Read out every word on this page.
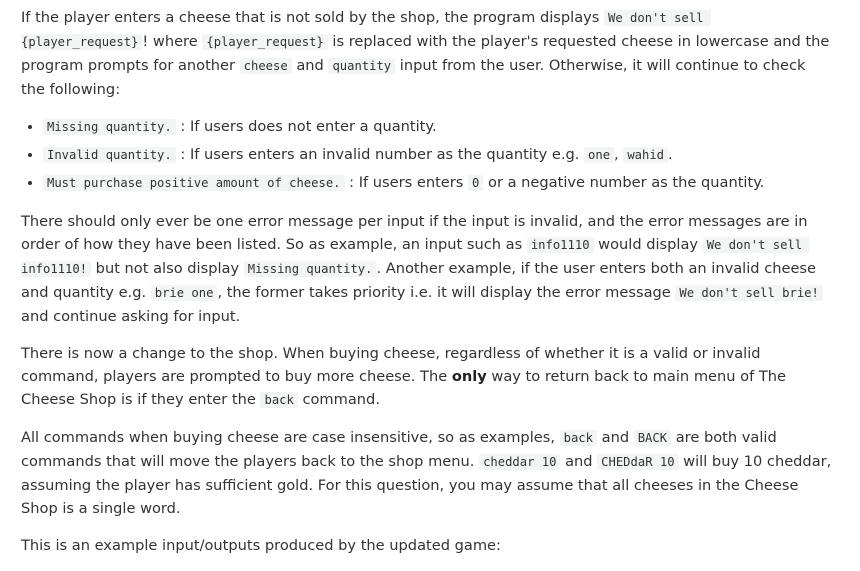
If the player enters a cheese that is not sold by the shop, the program displays We don't sell {player_request} ! where {player_request} is replaced with the player's requested cheese in lowercase and the program prompts for another cheese and quantity input from the user. Otherwise, it will continue to check the following:

• Missing quantity. : If users does not enter a quantity.
• Invalid quantity. : If users enters an invalid number as the quantity e.g. one , wahid .
• Must purchase positive amount of cheese. : If users enters 0 or a negative number as the quantity.

There should only ever be one error message per input if the input is invalid, and the error messages are in order of how they have been listed. So as example, an input such as info1110 would display We don't sell info1110! but not also display Missing quantity. . Another example, if the user enters both an invalid cheese and quantity e.g. brie one , the former takes priority i.e. it will display the error message We don't sell brie! and continue asking for input.

There is now a change to the shop. When buying cheese, regardless of whether it is a valid or invalid command, players are prompted to buy more cheese. The only way to return back to main menu of The Cheese Shop is if they enter the back command.

All commands when buying cheese are case insensitive, so as examples, back and BACK are both valid commands that will move the players back to the shop menu. cheddar 10 and CHEDdaR 10 will buy 10 cheddar, assuming the player has sufficient gold. For this question, you may assume that all cheeses in the Cheese Shop is a single word.

This is an example input/outputs produced by the updated game:
